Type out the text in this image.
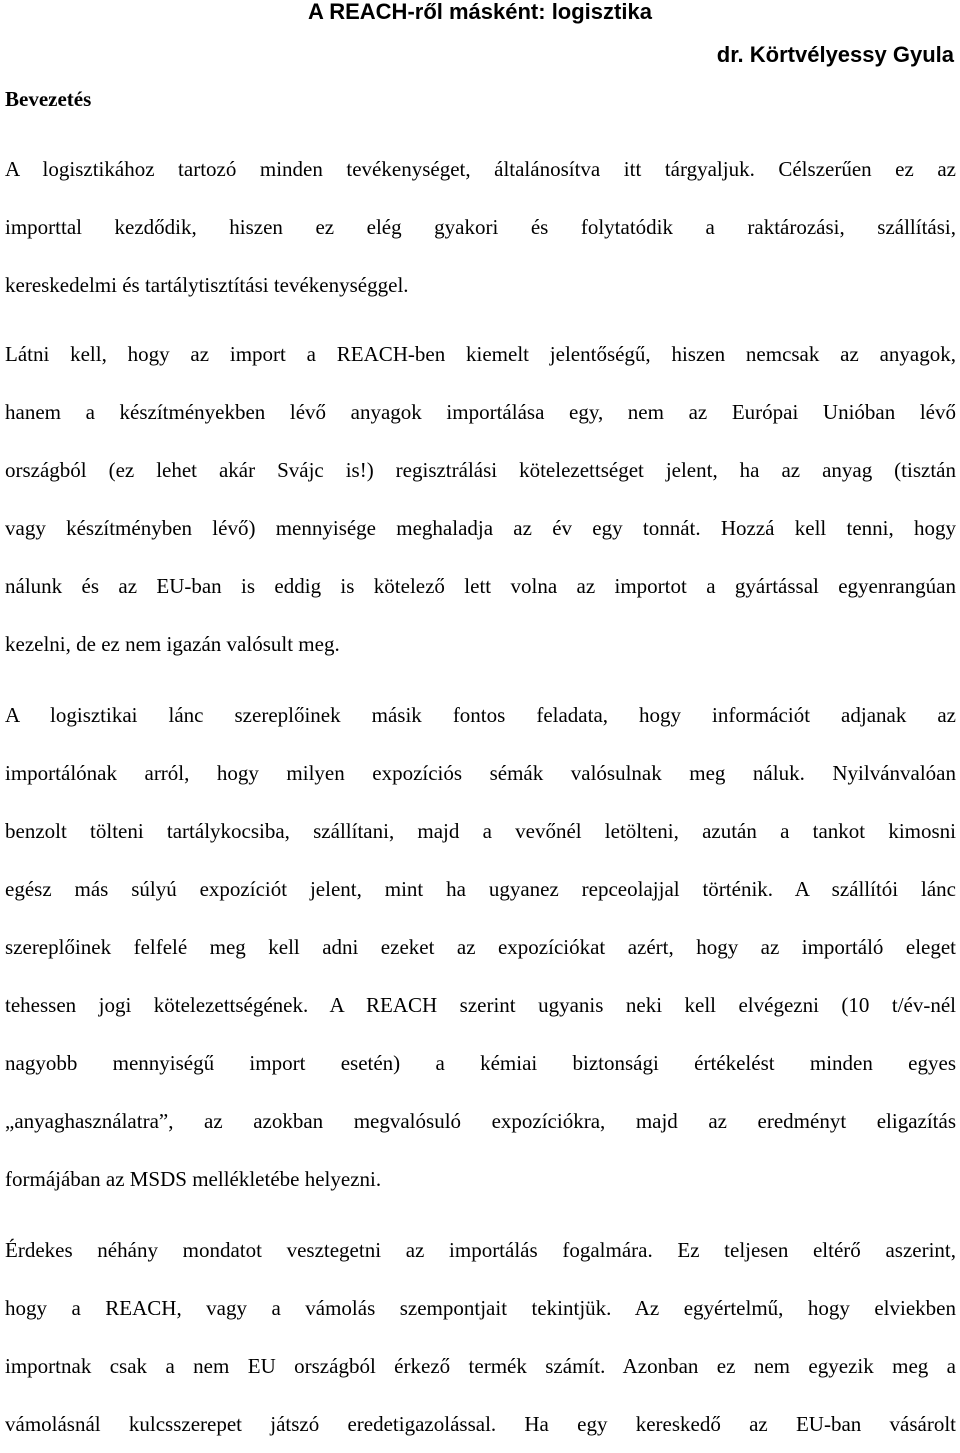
A REACH-ről másként: logisztika
dr. Körtvélyessy Gyula
Bevezetés

A logisztikához tartozó minden tevékenységet, általánosítva itt tárgyaljuk. Célszerűen ez az
importtal kezdődik, hiszen ez elég gyakori és folytatódik a raktározási, szállítási,
kereskedelmi és tartálytisztítási tevékenységgel.

Látni kell, hogy az import a REACH-ben kiemelt jelentőségű, hiszen nemcsak az anyagok,
hanem a készítményekben lévő anyagok importálása egy, nem az Európai Unióban lévő
országból (ez lehet akár Svájc is!) regisztrálási kötelezettséget jelent, ha az anyag (tisztán
vagy készítményben lévő) mennyisége meghaladja az év egy tonnát. Hozzá kell tenni, hogy
nálunk és az EU-ban is eddig is kötelező lett volna az importot a gyártással egyenrangúan
kezelni, de ez nem igazán valósult meg.

A logisztikai lánc szereplőinek másik fontos feladata, hogy információt adjanak az
importálónak arról, hogy milyen expozíciós sémák valósulnak meg náluk. Nyilvánvalóan
benzolt tölteni tartálykocsiba, szállítani, majd a vevőnél letölteni, azután a tankot kimosni
egész más súlyú expozíciót jelent, mint ha ugyanez repceolajjal történik. A szállítói lánc
szereplőinek felfelé meg kell adni ezeket az expozíciókat azért, hogy az importáló eleget
tehessen jogi kötelezettségének. A REACH szerint ugyanis neki kell elvégezni (10 t/év-nél
nagyobb mennyiségű import esetén) a kémiai biztonsági értékelést minden egyes
„anyaghasználatra”, az azokban megvalósuló expozíciókra, majd az eredményt eligazítás
formájában az MSDS mellékletébe helyezni.

Érdekes néhány mondatot vesztegetni az importálás fogalmára. Ez teljesen eltérő aszerint,
hogy a REACH, vagy a vámolás szempontjait tekintjük. Az egyértelmű, hogy elviekben
importnak csak a nem EU országból érkező termék számít. Azonban ez nem egyezik meg a
vámolásnál kulcsszerepet játszó eredetigazolással. Ha egy kereskedő az EU-ban vásárolt
